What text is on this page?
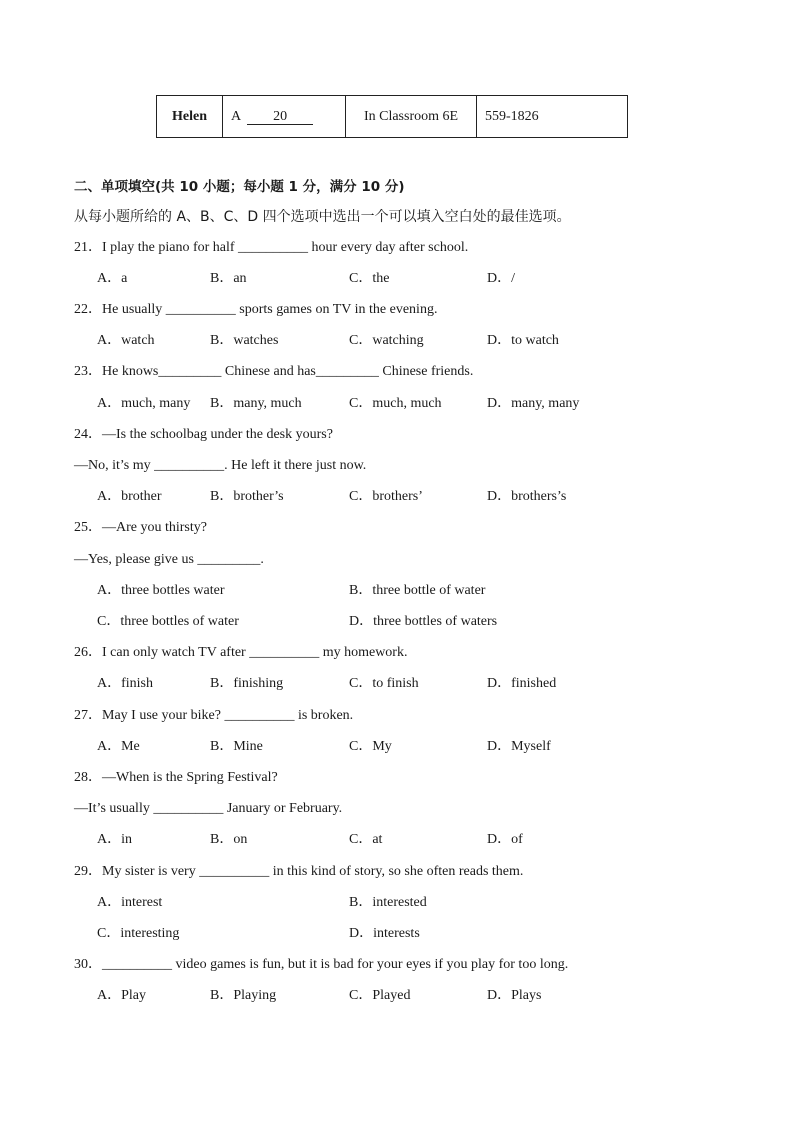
Helen	A 20	In Classroom 6E	559-1826
二、单项填空(共 10 小题；每小题 1 分，满分 10 分)
从每小题所给的 A、B、C、D 四个选项中选出一个可以填入空白处的最佳选项。
21．I play the piano for half __________ hour every day after school.
A．a	B．an	C．the	D．/
22．He usually __________ sports games on TV in the evening.
A．watch	B．watches	C．watching	D．to watch
23．He knows_________ Chinese and has_________ Chinese friends.
A．much, many B．many, much	C．much, much	D．many, many
24．—Is the schoolbag under the desk yours?
—No, it’s my __________. He left it there just now.
A．brother	B．brother’s	C．brothers’	D．brothers’s
25．—Are you thirsty?
—Yes, please give us _________.
A．three bottles water	B．three bottle of water
C．three bottles of water	D．three bottles of waters
26．I can only watch TV after __________ my homework.
A．finish	B．finishing	C．to finish	D．finished
27．May I use your bike? __________ is broken.
A．Me	B．Mine	C．My	D．Myself
28．—When is the Spring Festival?
—It’s usually __________ January or February.
A．in	B．on	C．at	D．of
29．My sister is very __________ in this kind of story, so she often reads them.
A．interest	B．interested
C．interesting	D．interests
30．__________ video games is fun, but it is bad for your eyes if you play for too long.
A．Play	B．Playing	C．Played	D．Plays
